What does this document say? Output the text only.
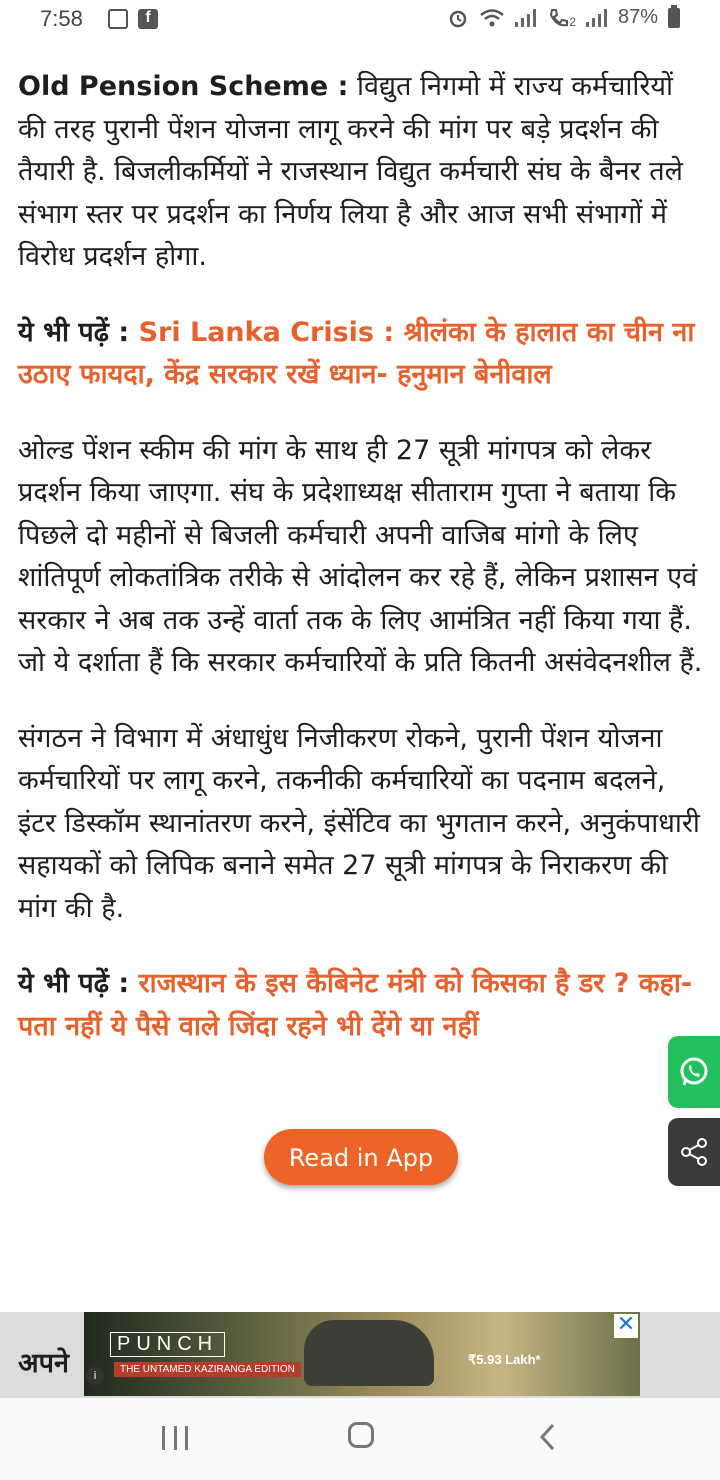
7:58	f	2 87%

Old Pension Scheme : विद्युत निगमो में राज्य कर्मचारियों की तरह पुरानी पेंशन योजना लागू करने की मांग पर बड़े प्रदर्शन की तैयारी है. बिजलीकर्मियों ने राजस्थान विद्युत कर्मचारी संघ के बैनर तले संभाग स्तर पर प्रदर्शन का निर्णय लिया है और आज सभी संभागों में विरोध प्रदर्शन होगा.

ये भी पढ़ें : Sri Lanka Crisis : श्रीलंका के हालात का चीन ना उठाए फायदा, केंद्र सरकार रखें ध्यान- हनुमान बेनीवाल

ओल्ड पेंशन स्कीम की मांग के साथ ही 27 सूत्री मांगपत्र को लेकर प्रदर्शन किया जाएगा. संघ के प्रदेशाध्यक्ष सीताराम गुप्ता ने बताया कि पिछले दो महीनों से बिजली कर्मचारी अपनी वाजिब मांगो के लिए शांतिपूर्ण लोकतांत्रिक तरीके से आंदोलन कर रहे हैं, लेकिन प्रशासन एवं सरकार ने अब तक उन्हें वार्ता तक के लिए आमंत्रित नहीं किया गया हैं. जो ये दर्शाता हैं कि सरकार कर्मचारियों के प्रति कितनी असंवेदनशील हैं.

संगठन ने विभाग में अंधाधुंध निजीकरण रोकने, पुरानी पेंशन योजना कर्मचारियों पर लागू करने, तकनीकी कर्मचारियों का पदनाम बदलने, इंटर डिस्कॉम स्थानांतरण करने, इंसेंटिव का भुगतान करने, अनुकंपाधारी सहायकों को लिपिक बनाने समेत 27 सूत्री मांगपत्र के निराकरण की मांग की है.

ये भी पढ़ें : राजस्थान के इस कैबिनेट मंत्री को किसका है डर ? कहा-पता नहीं ये पैसे वाले जिंदा रहने भी देंगे या नहीं

Read in App
अपने
PUNCH
THE UNTAMED KAZIRANGA EDITION
₹5.93 Lakh*
✕
i
